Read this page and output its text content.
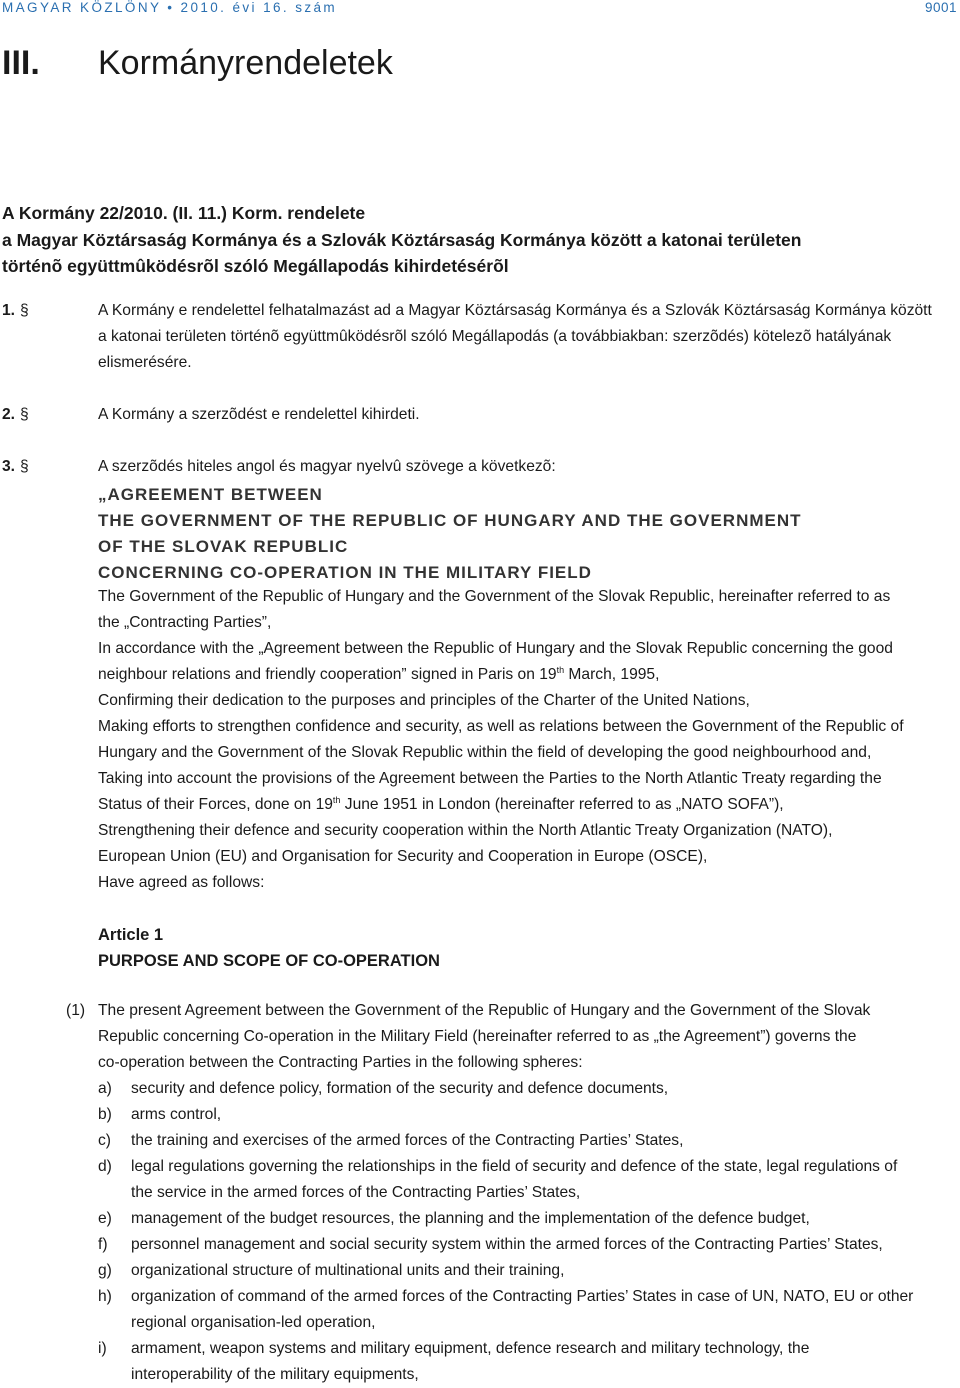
MAGYAR KÖZLÖNY • 2010. évi 16. szám	9001
III. Kormányrendeletek
A Kormány 22/2010. (II. 11.) Korm. rendelete
a Magyar Köztársaság Kormánya és a Szlovák Köztársaság Kormánya között a katonai területen
történõ együttmûködésrõl szóló Megállapodás kihirdetésérõl
1. §	A Kormány e rendelettel felhatalmazást ad a Magyar Köztársaság Kormánya és a Szlovák Köztársaság Kormánya között
a katonai területen történõ együttmûködésrõl szóló Megállapodás (a továbbiakban: szerzõdés) kötelezõ hatályának
elismerésére.
2. §	A Kormány a szerzõdést e rendelettel kihirdeti.
3. §	A szerzõdés hiteles angol és magyar nyelvû szövege a következõ:
„AGREEMENT BETWEEN
THE GOVERNMENT OF THE REPUBLIC OF HUNGARY AND THE GOVERNMENT
OF THE SLOVAK REPUBLIC
CONCERNING CO-OPERATION IN THE MILITARY FIELD
The Government of the Republic of Hungary and the Government of the Slovak Republic, hereinafter referred to as
the „Contracting Parties”,
In accordance with the „Agreement between the Republic of Hungary and the Slovak Republic concerning the good
neighbour relations and friendly cooperation” signed in Paris on 19th March, 1995,
Confirming their dedication to the purposes and principles of the Charter of the United Nations,
Making efforts to strengthen confidence and security, as well as relations between the Government of the Republic of
Hungary and the Government of the Slovak Republic within the field of developing the good neighbourhood and,
Taking into account the provisions of the Agreement between the Parties to the North Atlantic Treaty regarding the
Status of their Forces, done on 19th June 1951 in London (hereinafter referred to as „NATO SOFA”),
Strengthening their defence and security cooperation within the North Atlantic Treaty Organization (NATO),
European Union (EU) and Organisation for Security and Cooperation in Europe (OSCE),
Have agreed as follows:
Article 1
PURPOSE AND SCOPE OF CO-OPERATION
(1) The present Agreement between the Government of the Republic of Hungary and the Government of the Slovak
Republic concerning Co-operation in the Military Field (hereinafter referred to as „the Agreement”) governs the
co-operation between the Contracting Parties in the following spheres:
a) security and defence policy, formation of the security and defence documents,
b) arms control,
c) the training and exercises of the armed forces of the Contracting Parties’ States,
d) legal regulations governing the relationships in the field of security and defence of the state, legal regulations of
the service in the armed forces of the Contracting Parties’ States,
e) management of the budget resources, the planning and the implementation of the defence budget,
f) personnel management and social security system within the armed forces of the Contracting Parties’ States,
g) organizational structure of multinational units and their training,
h) organization of command of the armed forces of the Contracting Parties’ States in case of UN, NATO, EU or other
regional organisation-led operation,
i) armament, weapon systems and military equipment, defence research and military technology, the
interoperability of the military equipments,
